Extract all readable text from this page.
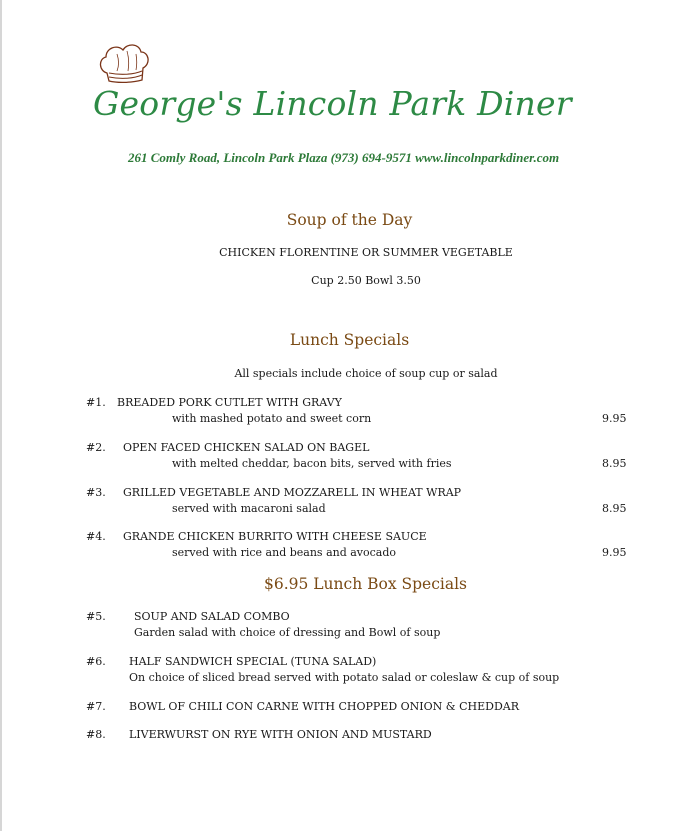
George's Lincoln Park Diner
261 Comly Road, Lincoln Park Plaza (973) 694-9571 www.lincolnparkdiner.com
Soup of the Day
CHICKEN FLORENTINE OR SUMMER VEGETABLE
Cup 2.50 Bowl 3.50
Lunch Specials
All specials include choice of soup cup or salad
#1. BREADED PORK CUTLET WITH GRAVY
with mashed potato and sweet corn	9.95
#2. OPEN FACED CHICKEN SALAD ON BAGEL
with melted cheddar, bacon bits, served with fries	8.95
#3. GRILLED VEGETABLE AND MOZZARELL IN WHEAT WRAP
served with macaroni salad	8.95
#4. GRANDE CHICKEN BURRITO WITH CHEESE SAUCE
served with rice and beans and avocado	9.95
$6.95 Lunch Box Specials
#5.	SOUP AND SALAD COMBO
Garden salad with choice of dressing and Bowl of soup
#6. HALF SANDWICH SPECIAL (TUNA SALAD)
On choice of sliced bread served with potato salad or coleslaw & cup of soup
#7. BOWL OF CHILI CON CARNE WITH CHOPPED ONION & CHEDDAR
#8. LIVERWURST ON RYE WITH ONION AND MUSTARD
